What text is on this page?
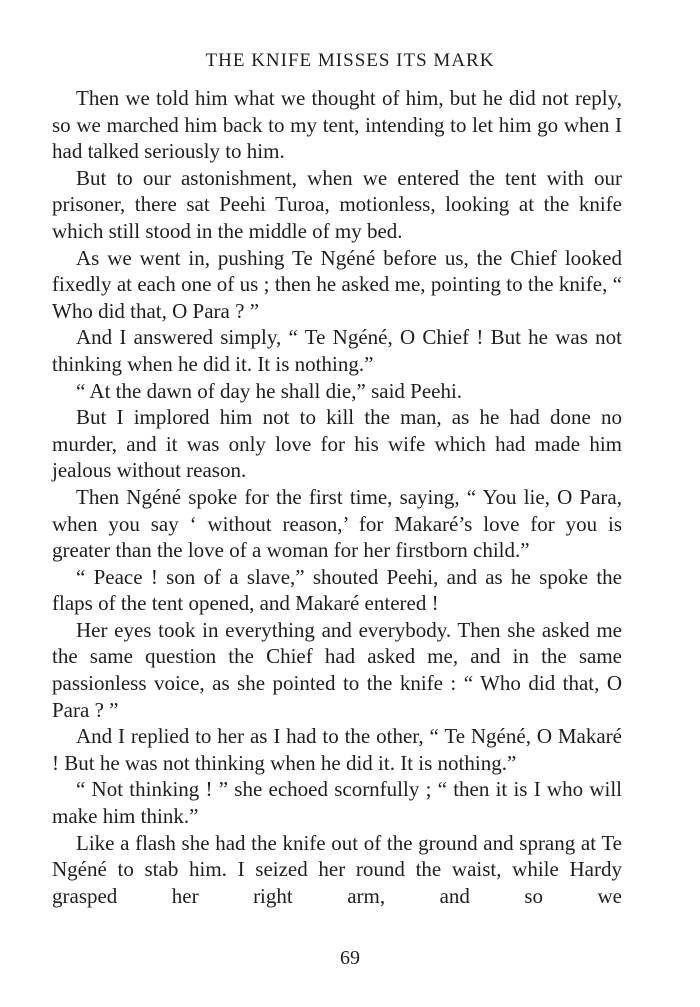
THE KNIFE MISSES ITS MARK

Then we told him what we thought of him, but he did not reply, so we marched him back to my tent, intending to let him go when I had talked seriously to him.

But to our astonishment, when we entered the tent with our prisoner, there sat Peehi Turoa, motionless, looking at the knife which still stood in the middle of my bed.

As we went in, pushing Te Ngéné before us, the Chief looked fixedly at each one of us ; then he asked me, pointing to the knife, “ Who did that, O Para ? ”

And I answered simply, “ Te Ngéné, O Chief ! But he was not thinking when he did it. It is nothing.”

“ At the dawn of day he shall die,” said Peehi.

But I implored him not to kill the man, as he had done no murder, and it was only love for his wife which had made him jealous without reason.

Then Ngéné spoke for the first time, saying, “ You lie, O Para, when you say ‘ without reason,’ for Makaré’s love for you is greater than the love of a woman for her firstborn child.”

“ Peace ! son of a slave,” shouted Peehi, and as he spoke the flaps of the tent opened, and Makaré entered !

Her eyes took in everything and everybody. Then she asked me the same question the Chief had asked me, and in the same passionless voice, as she pointed to the knife : “ Who did that, O Para ? ”

And I replied to her as I had to the other, “ Te Ngéné, O Makaré ! But he was not thinking when he did it. It is nothing.”

“ Not thinking ! ” she echoed scornfully ; “ then it is I who will make him think.”

Like a flash she had the knife out of the ground and sprang at Te Ngéné to stab him. I seized her round the waist, while Hardy grasped her right arm, and so we

69
